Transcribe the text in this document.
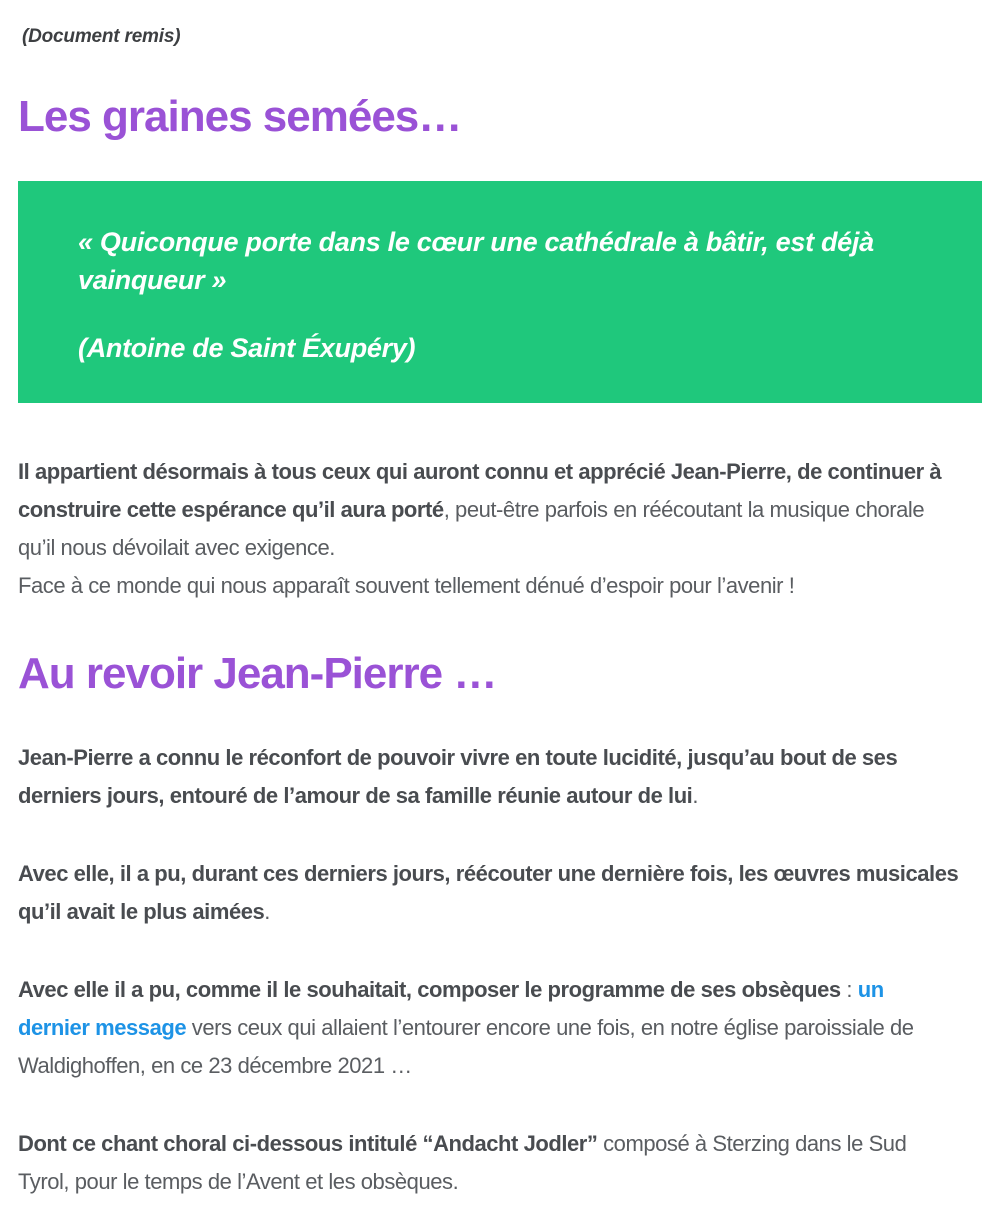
(Document remis)

Les graines semées…

« Quiconque porte dans le cœur une cathédrale à bâtir, est déjà vainqueur »

(Antoine de Saint Éxupéry)

Il appartient désormais à tous ceux qui auront connu et apprécié Jean-Pierre, de continuer à construire cette espérance qu’il aura porté, peut-être parfois en réécoutant la musique chorale qu’il nous dévoilait avec exigence.
Face à ce monde qui nous apparaît souvent tellement dénué d’espoir pour l’avenir !

Au revoir Jean-Pierre …

Jean-Pierre a connu le réconfort de pouvoir vivre en toute lucidité, jusqu’au bout de ses derniers jours, entouré de l’amour de sa famille réunie autour de lui.

Avec elle, il a pu, durant ces derniers jours, réécouter une dernière fois, les œuvres musicales qu’il avait le plus aimées.

Avec elle il a pu, comme il le souhaitait, composer le programme de ses obsèques : un dernier message vers ceux qui allaient l’entourer encore une fois, en notre église paroissiale de Waldighoffen, en ce 23 décembre 2021 …

Dont ce chant choral ci-dessous intitulé “Andacht Jodler” composé à Sterzing dans le Sud Tyrol, pour le temps de l’Avent et les obsèques.
